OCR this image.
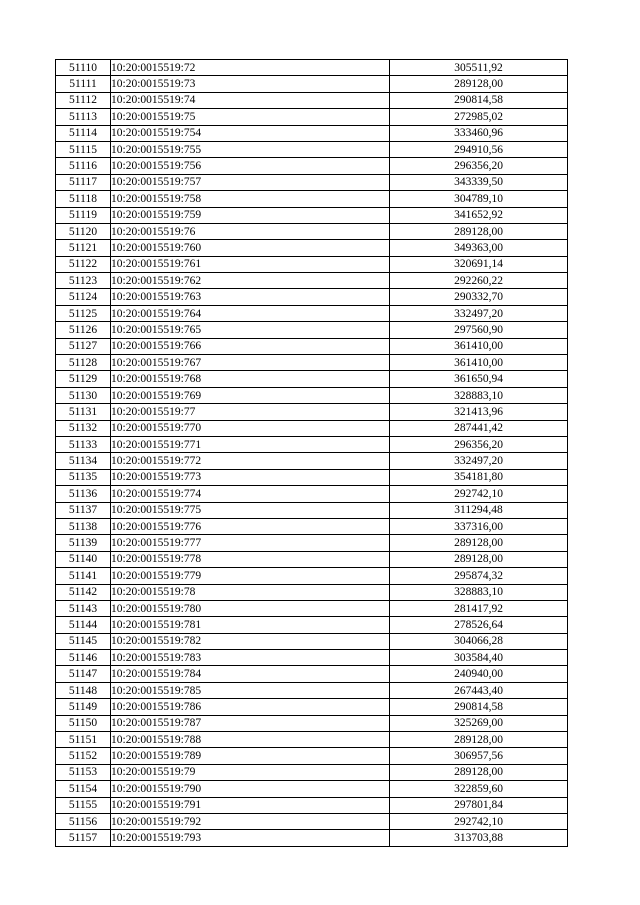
51110	10:20:0015519:72	305511,92
51111	10:20:0015519:73	289128,00
51112	10:20:0015519:74	290814,58
51113	10:20:0015519:75	272985,02
51114	10:20:0015519:754	333460,96
51115	10:20:0015519:755	294910,56
51116	10:20:0015519:756	296356,20
51117	10:20:0015519:757	343339,50
51118	10:20:0015519:758	304789,10
51119	10:20:0015519:759	341652,92
51120	10:20:0015519:76	289128,00
51121	10:20:0015519:760	349363,00
51122	10:20:0015519:761	320691,14
51123	10:20:0015519:762	292260,22
51124	10:20:0015519:763	290332,70
51125	10:20:0015519:764	332497,20
51126	10:20:0015519:765	297560,90
51127	10:20:0015519:766	361410,00
51128	10:20:0015519:767	361410,00
51129	10:20:0015519:768	361650,94
51130	10:20:0015519:769	328883,10
51131	10:20:0015519:77	321413,96
51132	10:20:0015519:770	287441,42
51133	10:20:0015519:771	296356,20
51134	10:20:0015519:772	332497,20
51135	10:20:0015519:773	354181,80
51136	10:20:0015519:774	292742,10
51137	10:20:0015519:775	311294,48
51138	10:20:0015519:776	337316,00
51139	10:20:0015519:777	289128,00
51140	10:20:0015519:778	289128,00
51141	10:20:0015519:779	295874,32
51142	10:20:0015519:78	328883,10
51143	10:20:0015519:780	281417,92
51144	10:20:0015519:781	278526,64
51145	10:20:0015519:782	304066,28
51146	10:20:0015519:783	303584,40
51147	10:20:0015519:784	240940,00
51148	10:20:0015519:785	267443,40
51149	10:20:0015519:786	290814,58
51150	10:20:0015519:787	325269,00
51151	10:20:0015519:788	289128,00
51152	10:20:0015519:789	306957,56
51153	10:20:0015519:79	289128,00
51154	10:20:0015519:790	322859,60
51155	10:20:0015519:791	297801,84
51156	10:20:0015519:792	292742,10
51157	10:20:0015519:793	313703,88
